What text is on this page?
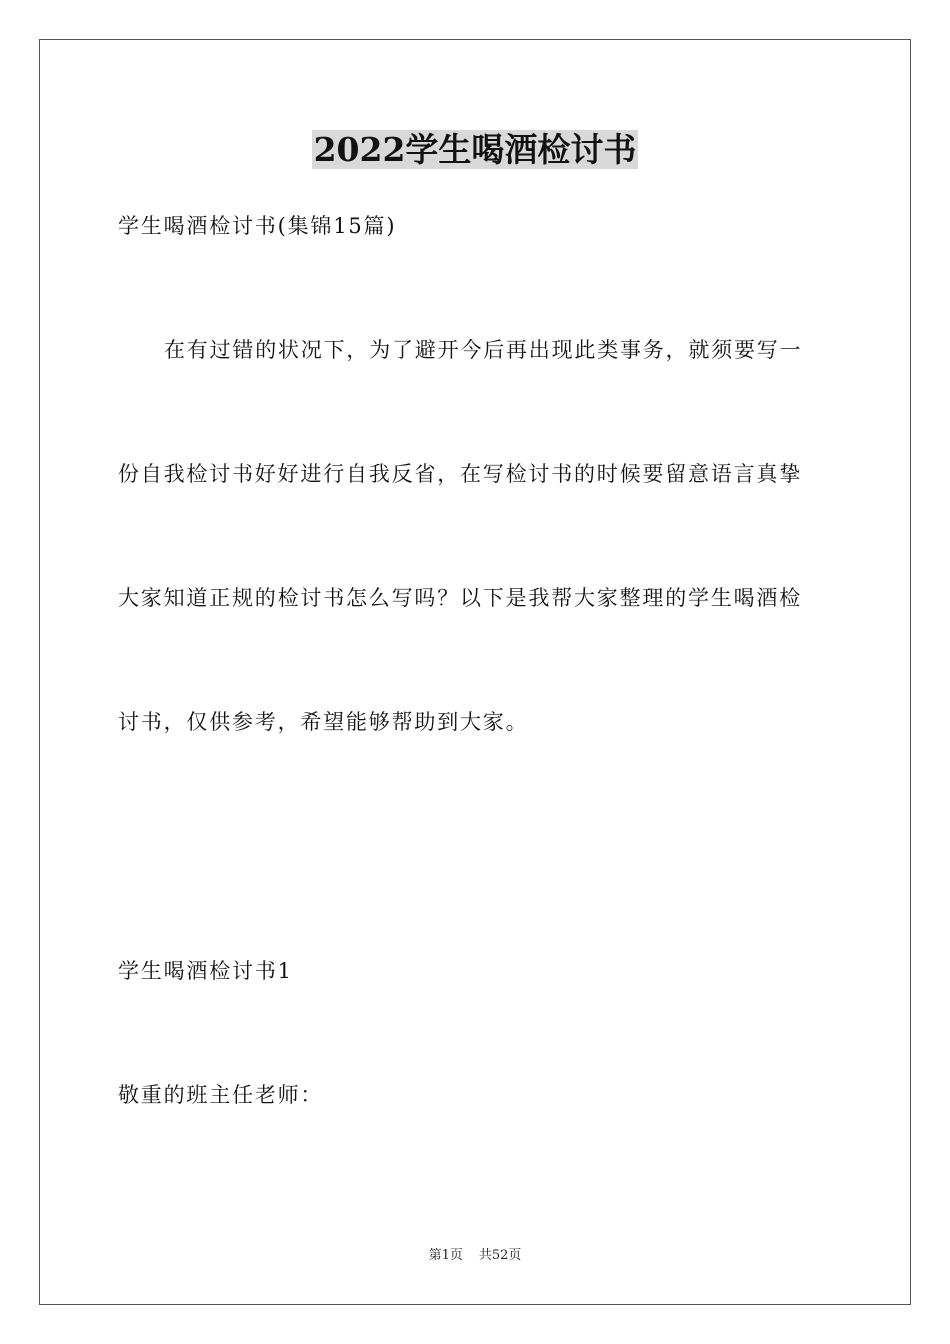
2022学生喝酒检讨书
学生喝酒检讨书(集锦15篇)
在有过错的状况下，为了避开今后再出现此类事务，就须要写一
份自我检讨书好好进行自我反省，在写检讨书的时候要留意语言真挚
大家知道正规的检讨书怎么写吗？以下是我帮大家整理的学生喝酒检
讨书，仅供参考，希望能够帮助到大家。
学生喝酒检讨书1
敬重的班主任老师：
第1页 共52页
